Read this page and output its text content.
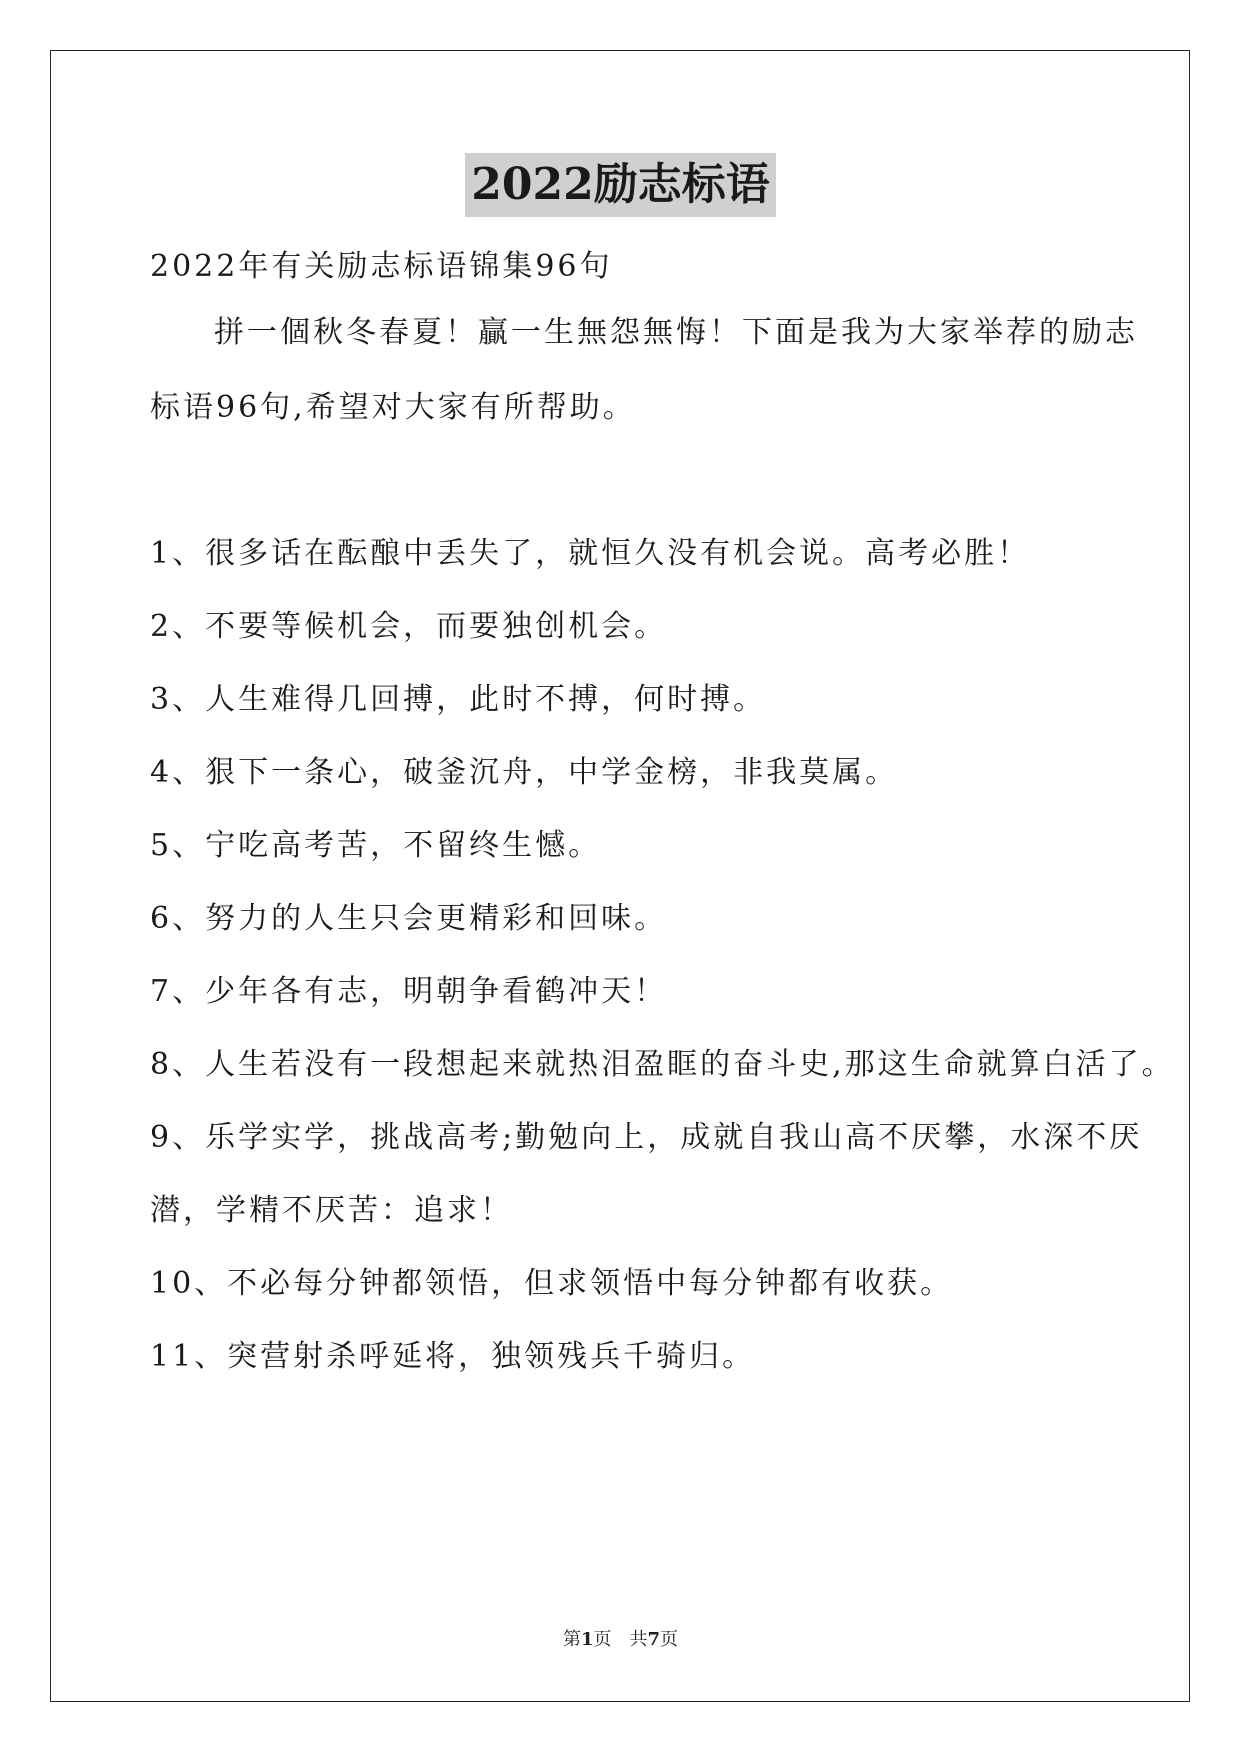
2022励志标语
2022年有关励志标语锦集96句
拼一個秋冬春夏！贏一生無怨無悔！下面是我为大家举荐的励志
标语96句,希望对大家有所帮助。
1、很多话在酝酿中丢失了，就恒久没有机会说。高考必胜！
2、不要等候机会，而要独创机会。
3、人生难得几回搏，此时不搏，何时搏。
4、狠下一条心，破釜沉舟，中学金榜，非我莫属。
5、宁吃高考苦，不留终生憾。
6、努力的人生只会更精彩和回味。
7、少年各有志，明朝争看鹤冲天！
8、人生若没有一段想起来就热泪盈眶的奋斗史,那这生命就算白活了。
9、乐学实学，挑战高考;勤勉向上，成就自我山高不厌攀，水深不厌
潜，学精不厌苦：追求！
10、不必每分钟都领悟，但求领悟中每分钟都有收获。
11、突营射杀呼延将，独领残兵千骑归。
第1页　共7页
